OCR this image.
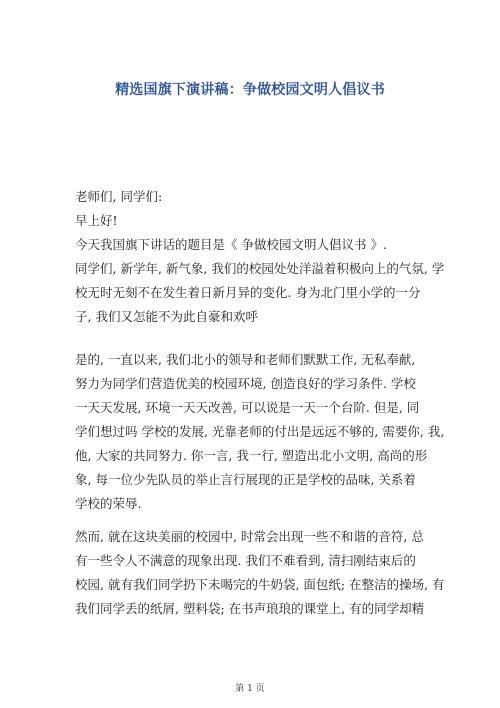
精选国旗下演讲稿：争做校园文明人倡议书
老师们, 同学们:
早上好!
今天我国旗下讲话的题目是《 争做校园文明人倡议书 》.
同学们, 新学年, 新气象, 我们的校园处处洋溢着积极向上的气氛, 学
校无时无刻不在发生着日新月异的变化. 身为北门里小学的一分
子, 我们又怎能不为此自豪和欢呼
是的, 一直以来, 我们北小的领导和老师们默默工作, 无私奉献,
努力为同学们营造优美的校园环境, 创造良好的学习条件. 学校
一天天发展, 环境一天天改善, 可以说是一天一个台阶. 但是, 同
学们想过吗 学校的发展, 光靠老师的付出是远远不够的, 需要你, 我,
他, 大家的共同努力. 你一言, 我一行, 塑造出北小文明, 高尚的形
象, 每一位少先队员的举止言行展现的正是学校的品味, 关系着
学校的荣辱.
然而, 就在这块美丽的校园中, 时常会出现一些不和谐的音符, 总
有一些令人不满意的现象出现. 我们不难看到, 清扫刚结束后的
校园, 就有我们同学扔下未喝完的牛奶袋, 面包纸; 在整洁的操场, 有
我们同学丢的纸屑, 塑料袋; 在书声琅琅的课堂上, 有的同学却精
第 1 页
